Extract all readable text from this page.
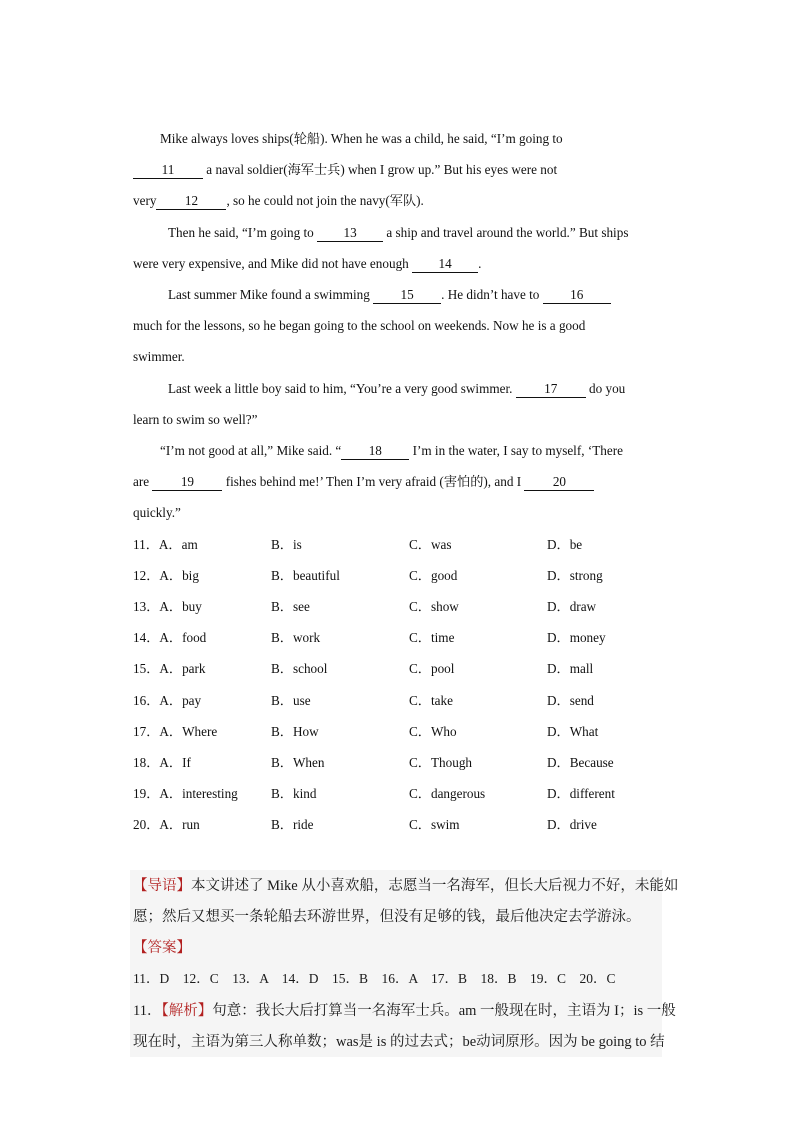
Mike always loves ships(轮船). When he was a child, he said, “I’m going to
11 a naval soldier(海军士兵) when I grow up.” But his eyes were not
very 12 , so he could not join the navy(军队).
Then he said, “I’m going to 13 a ship and travel around the world.” But ships
were very expensive, and Mike did not have enough 14 .
Last summer Mike found a swimming 15 . He didn’t have to 16
much for the lessons, so he began going to the school on weekends. Now he is a good
swimmer.
Last week a little boy said to him, “You’re a very good swimmer. 17 do you
learn to swim so well?”
“I’m not good at all,” Mike said. “ 18 I’m in the water, I say to myself, ‘There
are 19 fishes behind me!’ Then I’m very afraid (害怕的), and I 20
quickly.”
11．A．am	B．is	C．was	D．be
12．A．big	B．beautiful	C．good	D．strong
13．A．buy	B．see	C．show	D．draw
14．A．food	B．work	C．time	D．money
15．A．park	B．school	C．pool	D．mall
16．A．pay	B．use	C．take	D．send
17．A．Where	B．How	C．Who	D．What
18．A．If	B．When	C．Though	D．Because
19．A．interesting	B．kind	C．dangerous	D．different
20．A．run	B．ride	C．swim	D．drive
【导语】本文讲述了 Mike 从小喜欢船，志愿当一名海军，但长大后视力不好，未能如
愿；然后又想买一条轮船去环游世界，但没有足够的钱，最后他决定去学游泳。
【答案】
11．D　12．C　13．A　14．D　15．B　16．A　17．B　18．B　19．C　20．C
11．【解析】句意：我长大后打算当一名海军士兵。am 一般现在时，主语为 I；is 一般
现在时，主语为第三人称单数；was是 is 的过去式；be动词原形。因为 be going to 结
